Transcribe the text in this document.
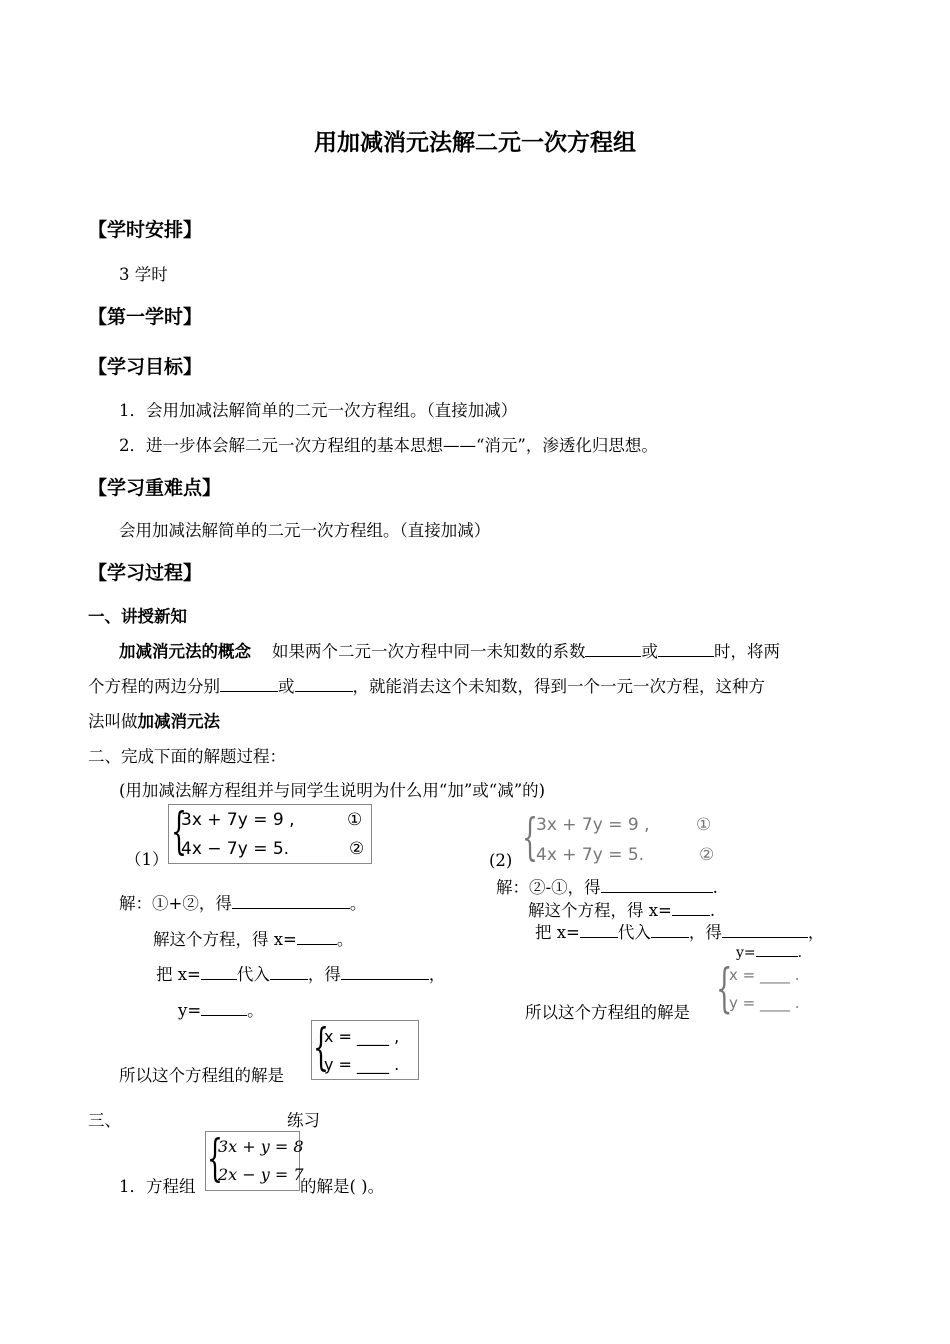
用加减消元法解二元一次方程组
【学时安排】
3 学时
【第一学时】
【学习目标】
1．会用加减法解简单的二元一次方程组。（直接加减）
2．进一步体会解二元一次方程组的基本思想——“消元”，渗透化归思想。
【学习重难点】
会用加减法解简单的二元一次方程组。（直接加减）
【学习过程】
一、讲授新知
加减消元法的概念 如果两个二元一次方程中同一未知数的系数	或	时，将两
个方程的两边分别	或	，就能消去这个未知数，得到一个一元一次方程，这种方
法叫做加减消元法
二、完成下面的解题过程：
(用加减法解方程组并与同学生说明为什么用“加”或“减”的)
（1） {
3x + 7y = 9 ,	①
4x − 7y = 5.	②
解：①+②，得	。
解这个方程，得 x= 。
把 x= 代入 ，得	，
y=	。
所以这个方程组的解是 {
x = ____ ,
y = ____ .
(2) {
3x + 7y = 9 ,	①
4x + 7y = 5.	②
解：②-①，得	.
解这个方程，得 x= .
把 x= 代入 ，得	，
y=	.
所以这个方程组的解是 {
x = ____ .
y = ____ .
三、	练习
1．方程组 {
3x + y = 8
2x − y = 7
的解是( )。
